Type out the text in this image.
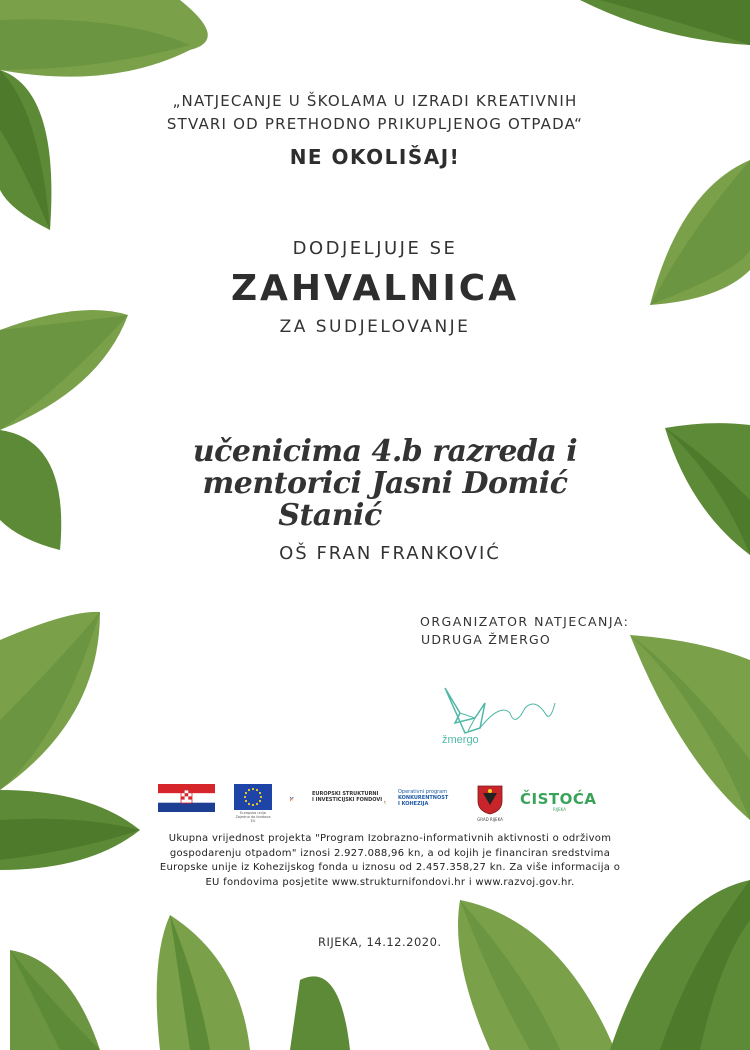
„NATJECANJE U ŠKOLAMA U IZRADI KREATIVNIH
STVARI OD PRETHODNO PRIKUPLJENOG OTPADA“
NE OKOLIŠAJ!
DODJELJUJE SE
ZAHVALNICA
ZA SUDJELOVANJE
učenicima 4.b razreda i
mentorici Jasni Domić
Stanić
OŠ FRAN FRANKOVIĆ
ORGANIZATOR NATJECANJA:
UDRUGA ŽMERGO
žmergo
Europska unija Zajedno do fondova EU
EUROPSKI STRUKTURNI
I INVESTICIJSKI FONDOVI
Operativni program
KONKURENTNOST
I KOHEZIJA
GRAD RIJEKA
ČISTOĆA
RIJEKA
Ukupna vrijednost projekta "Program Izobrazno-informativnih aktivnosti o održivom
gospodarenju otpadom" iznosi 2.927.088,96 kn, a od kojih je financiran sredstvima
Europske unije iz Kohezijskog fonda u iznosu od 2.457.358,27 kn. Za više informacija o
EU fondovima posjetite www.strukturnifondovi.hr i www.razvoj.gov.hr.
RIJEKA, 14.12.2020.
